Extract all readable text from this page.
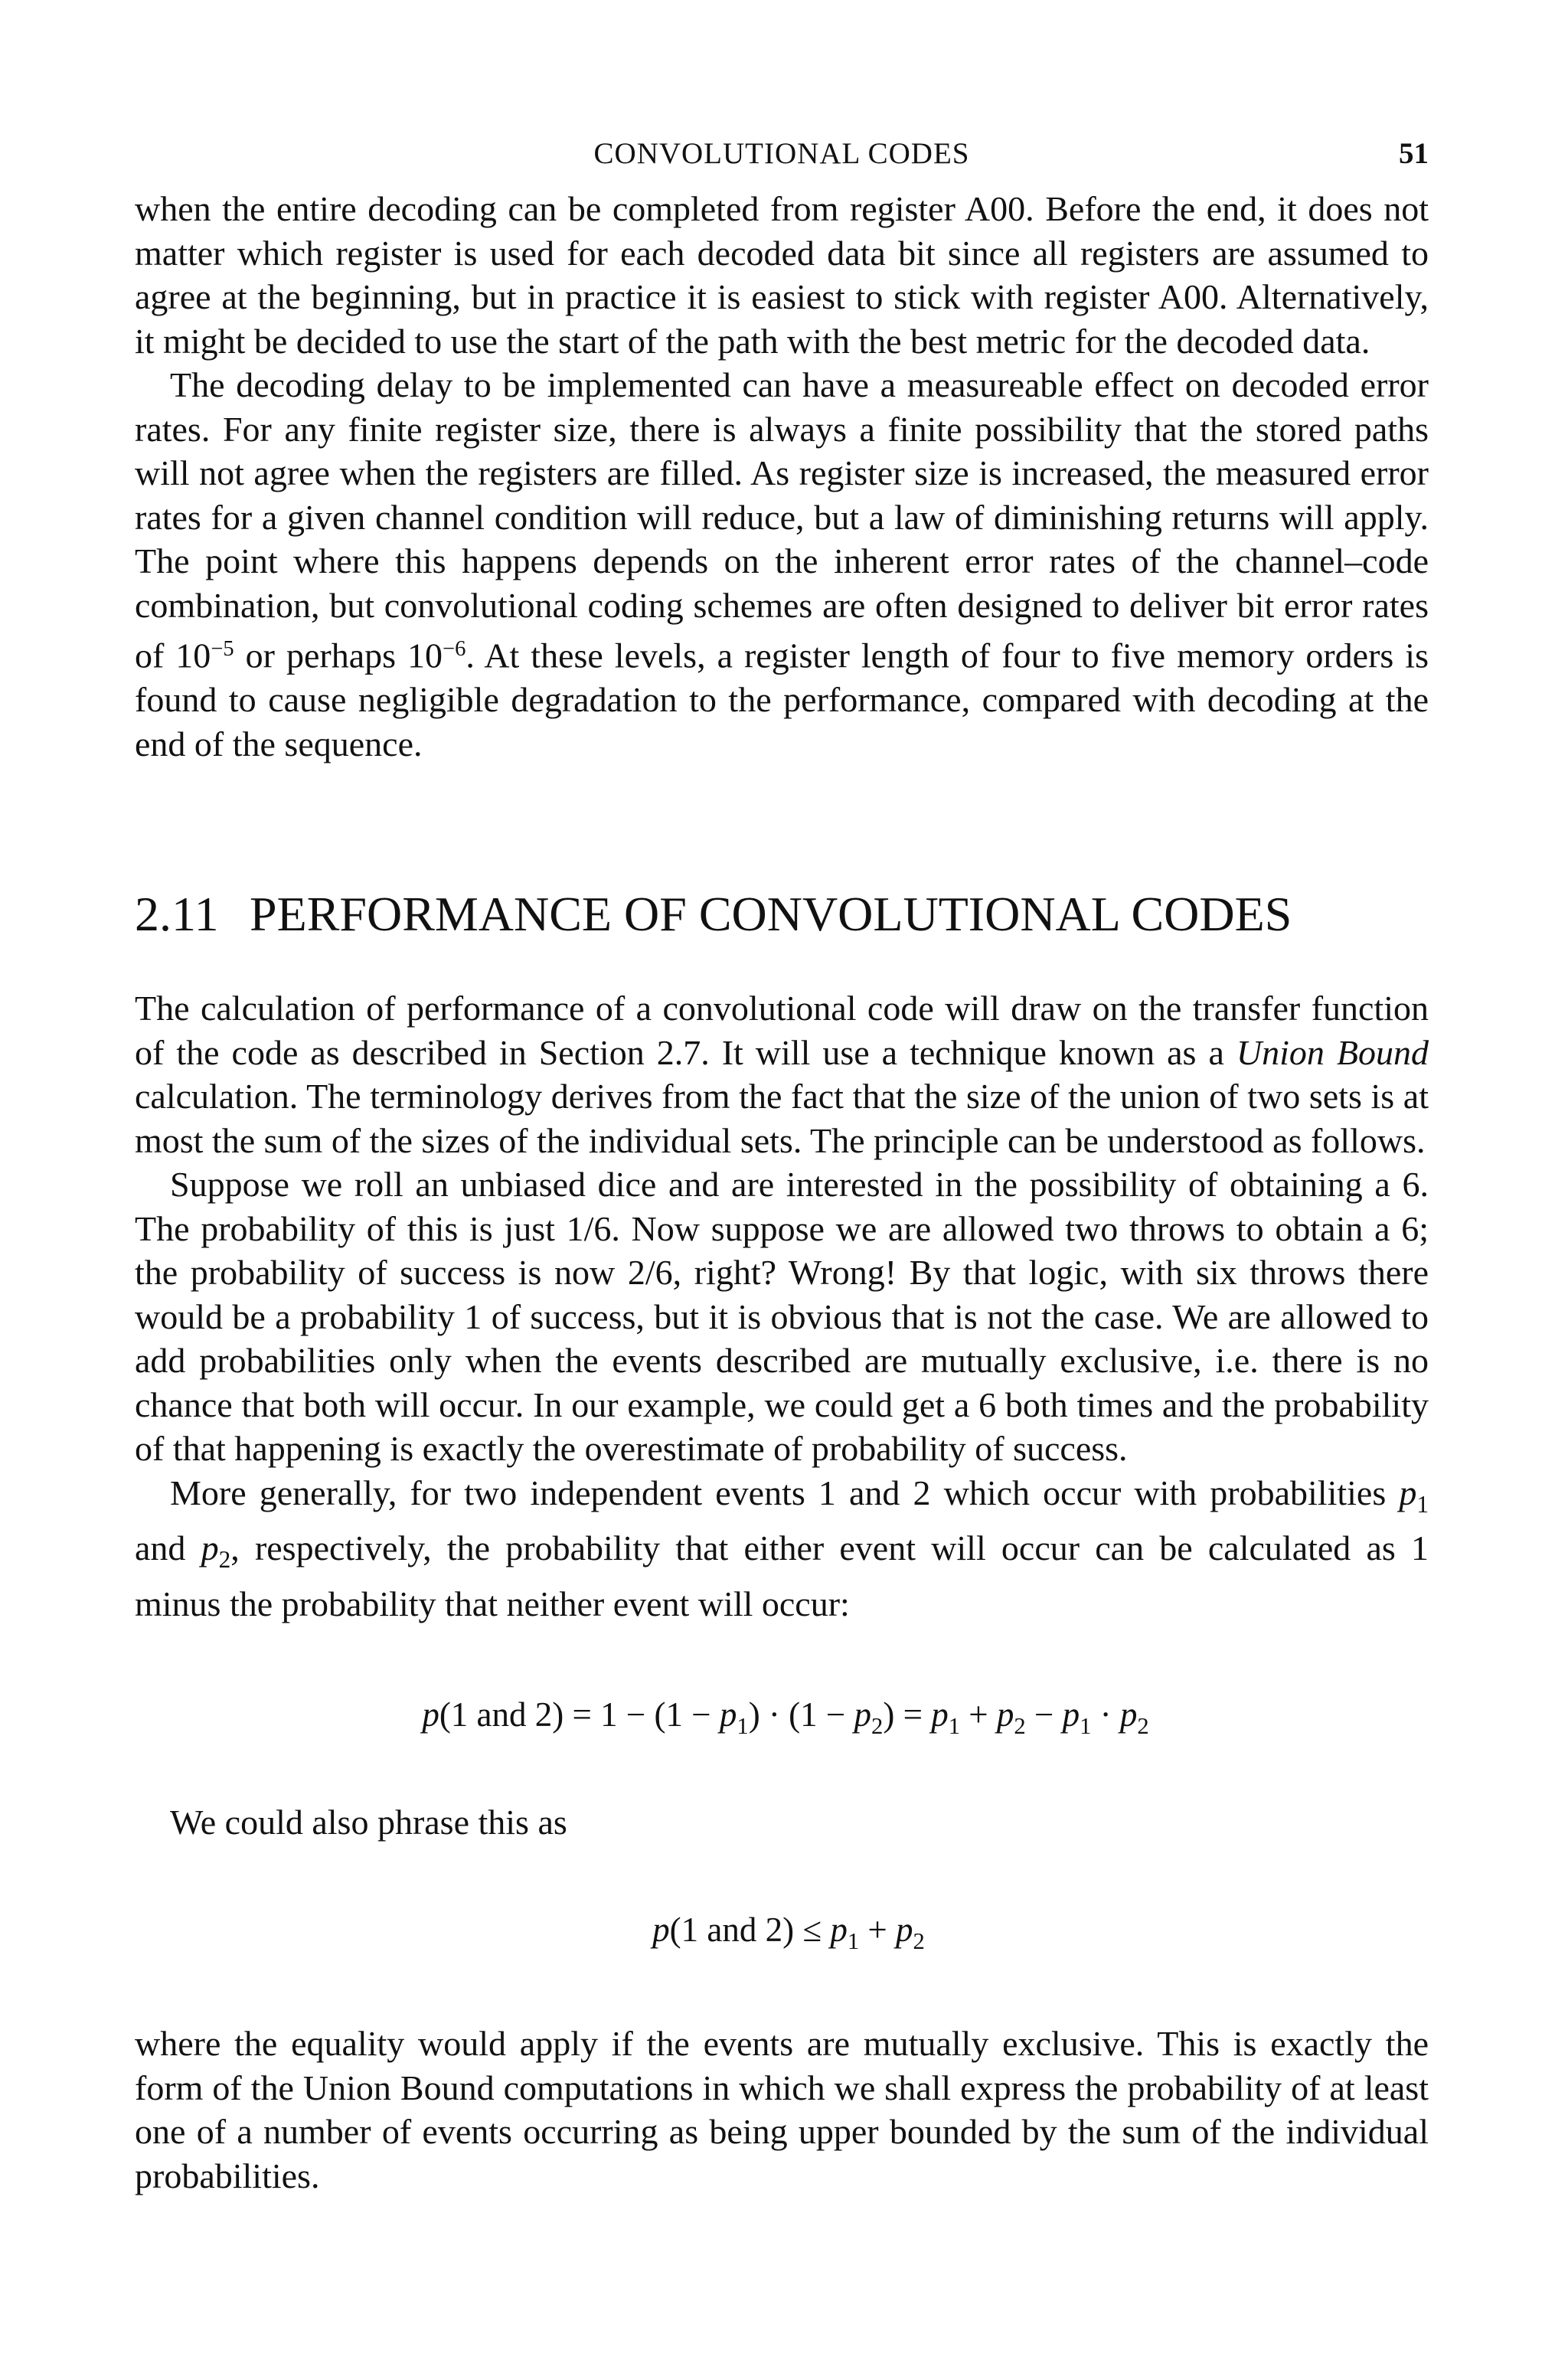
CONVOLUTIONAL CODES	51

when the entire decoding can be completed from register A00. Before the end, it does not matter which register is used for each decoded data bit since all registers are assumed to agree at the beginning, but in practice it is easiest to stick with register A00. Alternatively, it might be decided to use the start of the path with the best metric for the decoded data.

The decoding delay to be implemented can have a measureable effect on decoded error rates. For any finite register size, there is always a finite possibility that the stored paths will not agree when the registers are filled. As register size is increased, the measured error rates for a given channel condition will reduce, but a law of diminishing returns will apply. The point where this happens depends on the inherent error rates of the channel–code combination, but convolutional coding schemes are often designed to deliver bit error rates of $10^{-5}$ or perhaps $10^{-6}$. At these levels, a register length of four to five memory orders is found to cause negligible degradation to the performance, compared with decoding at the end of the sequence.

2.11 PERFORMANCE OF CONVOLUTIONAL CODES

The calculation of performance of a convolutional code will draw on the transfer function of the code as described in Section 2.7. It will use a technique known as a Union Bound calculation. The terminology derives from the fact that the size of the union of two sets is at most the sum of the sizes of the individual sets. The principle can be understood as follows.

Suppose we roll an unbiased dice and are interested in the possibility of obtaining a 6. The probability of this is just 1/6. Now suppose we are allowed two throws to obtain a 6; the probability of success is now 2/6, right? Wrong! By that logic, with six throws there would be a probability 1 of success, but it is obvious that is not the case. We are allowed to add probabilities only when the events described are mutually exclusive, i.e. there is no chance that both will occur. In our example, we could get a 6 both times and the probability of that happening is exactly the overestimate of probability of success.

More generally, for two independent events 1 and 2 which occur with probabilities $p_1$ and $p_2$, respectively, the probability that either event will occur can be calculated as 1 minus the probability that neither event will occur:

p(1 and $2) = 1 - (1 - p_1) \cdot (1 - p_2) = p_1 + p_2 - p_1 \cdot p_2$

We could also phrase this as

p(1 and $2) \le p_1 + p_2$

where the equality would apply if the events are mutually exclusive. This is exactly the form of the Union Bound computations in which we shall express the probability of at least one of a number of events occurring as being upper bounded by the sum of the individual probabilities.
